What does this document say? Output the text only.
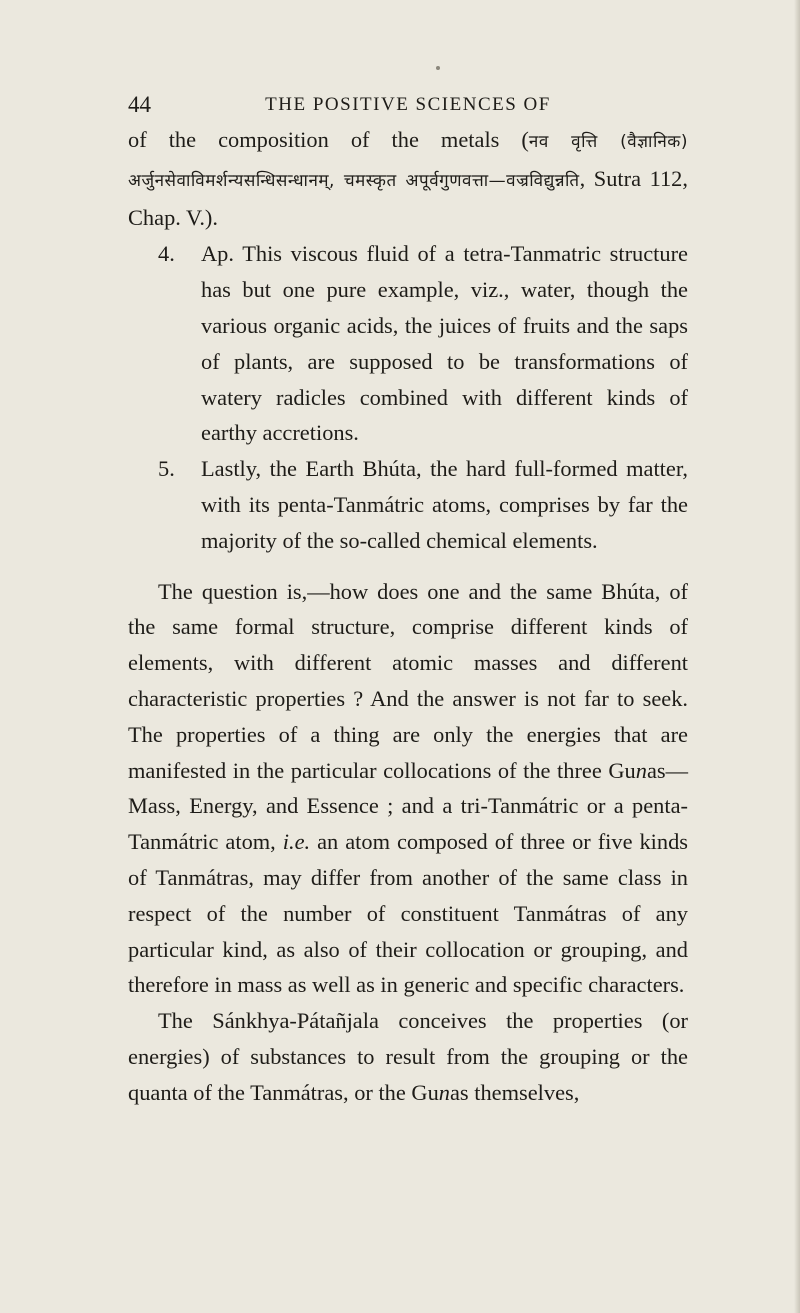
44	THE POSITIVE SCIENCES OF

of the composition of the metals (नव वृत्ति (वैज्ञानिक) अर्जुनसेवाविमर्शन्यसन्धिसन्धानम्, चमस्कृत अपूर्वगुणवत्ता—वज्रविद्युन्नति, Sutra 112, Chap. V.).

4.	Ap. This viscous fluid of a tetra-Tanmatric structure has but one pure example, viz., water, though the various organic acids, the juices of fruits and the saps of plants, are supposed to be transformations of watery radicles combined with different kinds of earthy accretions.
5.	Lastly, the Earth Bhúta, the hard full-formed matter, with its penta-Tanmátric atoms, comprises by far the majority of the so-called chemical elements.

The question is,—how does one and the same Bhúta, of the same formal structure, comprise different kinds of elements, with different atomic masses and different characteristic properties ? And the answer is not far to seek. The properties of a thing are only the energies that are manifested in the particular collocations of the three Gunas—Mass, Energy, and Essence ; and a tri-Tanmátric or a penta-Tanmátric atom, i.e. an atom composed of three or five kinds of Tanmátras, may differ from another of the same class in respect of the number of constituent Tanmátras of any particular kind, as also of their collocation or grouping, and therefore in mass as well as in generic and specific characters.

The Sánkhya-Pátañjala conceives the properties (or energies) of substances to result from the grouping or the quanta of the Tanmátras, or the Gunas themselves,
